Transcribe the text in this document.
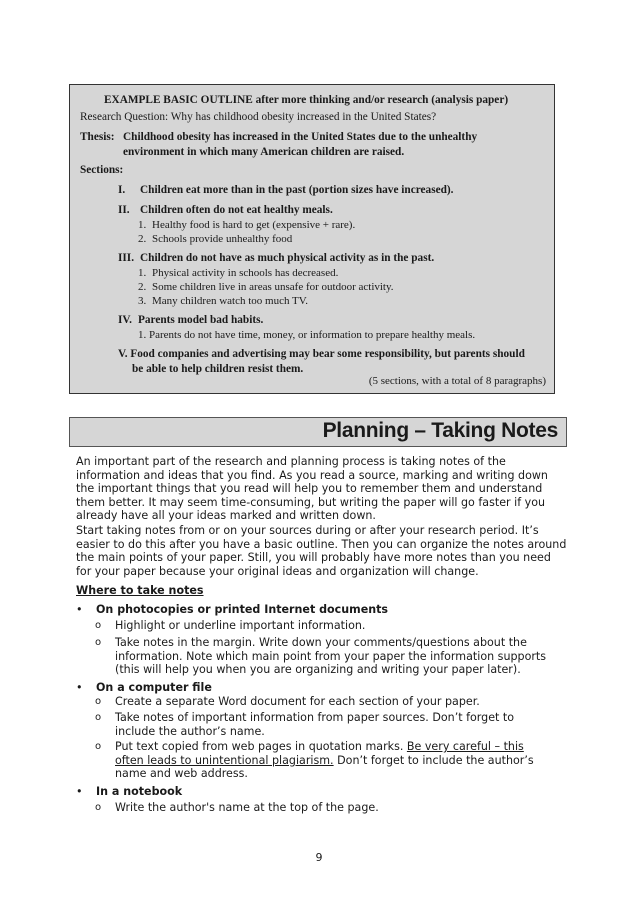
EXAMPLE BASIC OUTLINE after more thinking and/or research (analysis paper)
Research Question: Why has childhood obesity increased in the United States?
Thesis: Childhood obesity has increased in the United States due to the unhealthy
environment in which many American children are raised.
Sections:
I. Children eat more than in the past (portion sizes have increased).
II. Children often do not eat healthy meals.
1. Healthy food is hard to get (expensive + rare).
2. Schools provide unhealthy food
III. Children do not have as much physical activity as in the past.
1. Physical activity in schools has decreased.
2. Some children live in areas unsafe for outdoor activity.
3. Many children watch too much TV.
IV. Parents model bad habits.
1. Parents do not have time, money, or information to prepare healthy meals.
V. Food companies and advertising may bear some responsibility, but parents should
be able to help children resist them.
(5 sections, with a total of 8 paragraphs)
Planning – Taking Notes
An important part of the research and planning process is taking notes of the information and ideas that you find. As you read a source, marking and writing down the important things that you read will help you to remember them and understand them better. It may seem time-consuming, but writing the paper will go faster if you already have all your ideas marked and written down.
Start taking notes from or on your sources during or after your research period. It’s easier to do this after you have a basic outline. Then you can organize the notes around the main points of your paper. Still, you will probably have more notes than you need for your paper because your original ideas and organization will change.
Where to take notes
• On photocopies or printed Internet documents
o Highlight or underline important information.
o Take notes in the margin. Write down your comments/questions about the information. Note which main point from your paper the information supports (this will help you when you are organizing and writing your paper later).
• On a computer file
o Create a separate Word document for each section of your paper.
o Take notes of important information from paper sources. Don’t forget to include the author’s name.
o Put text copied from web pages in quotation marks. Be very careful – this often leads to unintentional plagiarism. Don’t forget to include the author’s name and web address.
• In a notebook
o Write the author's name at the top of the page.
9
